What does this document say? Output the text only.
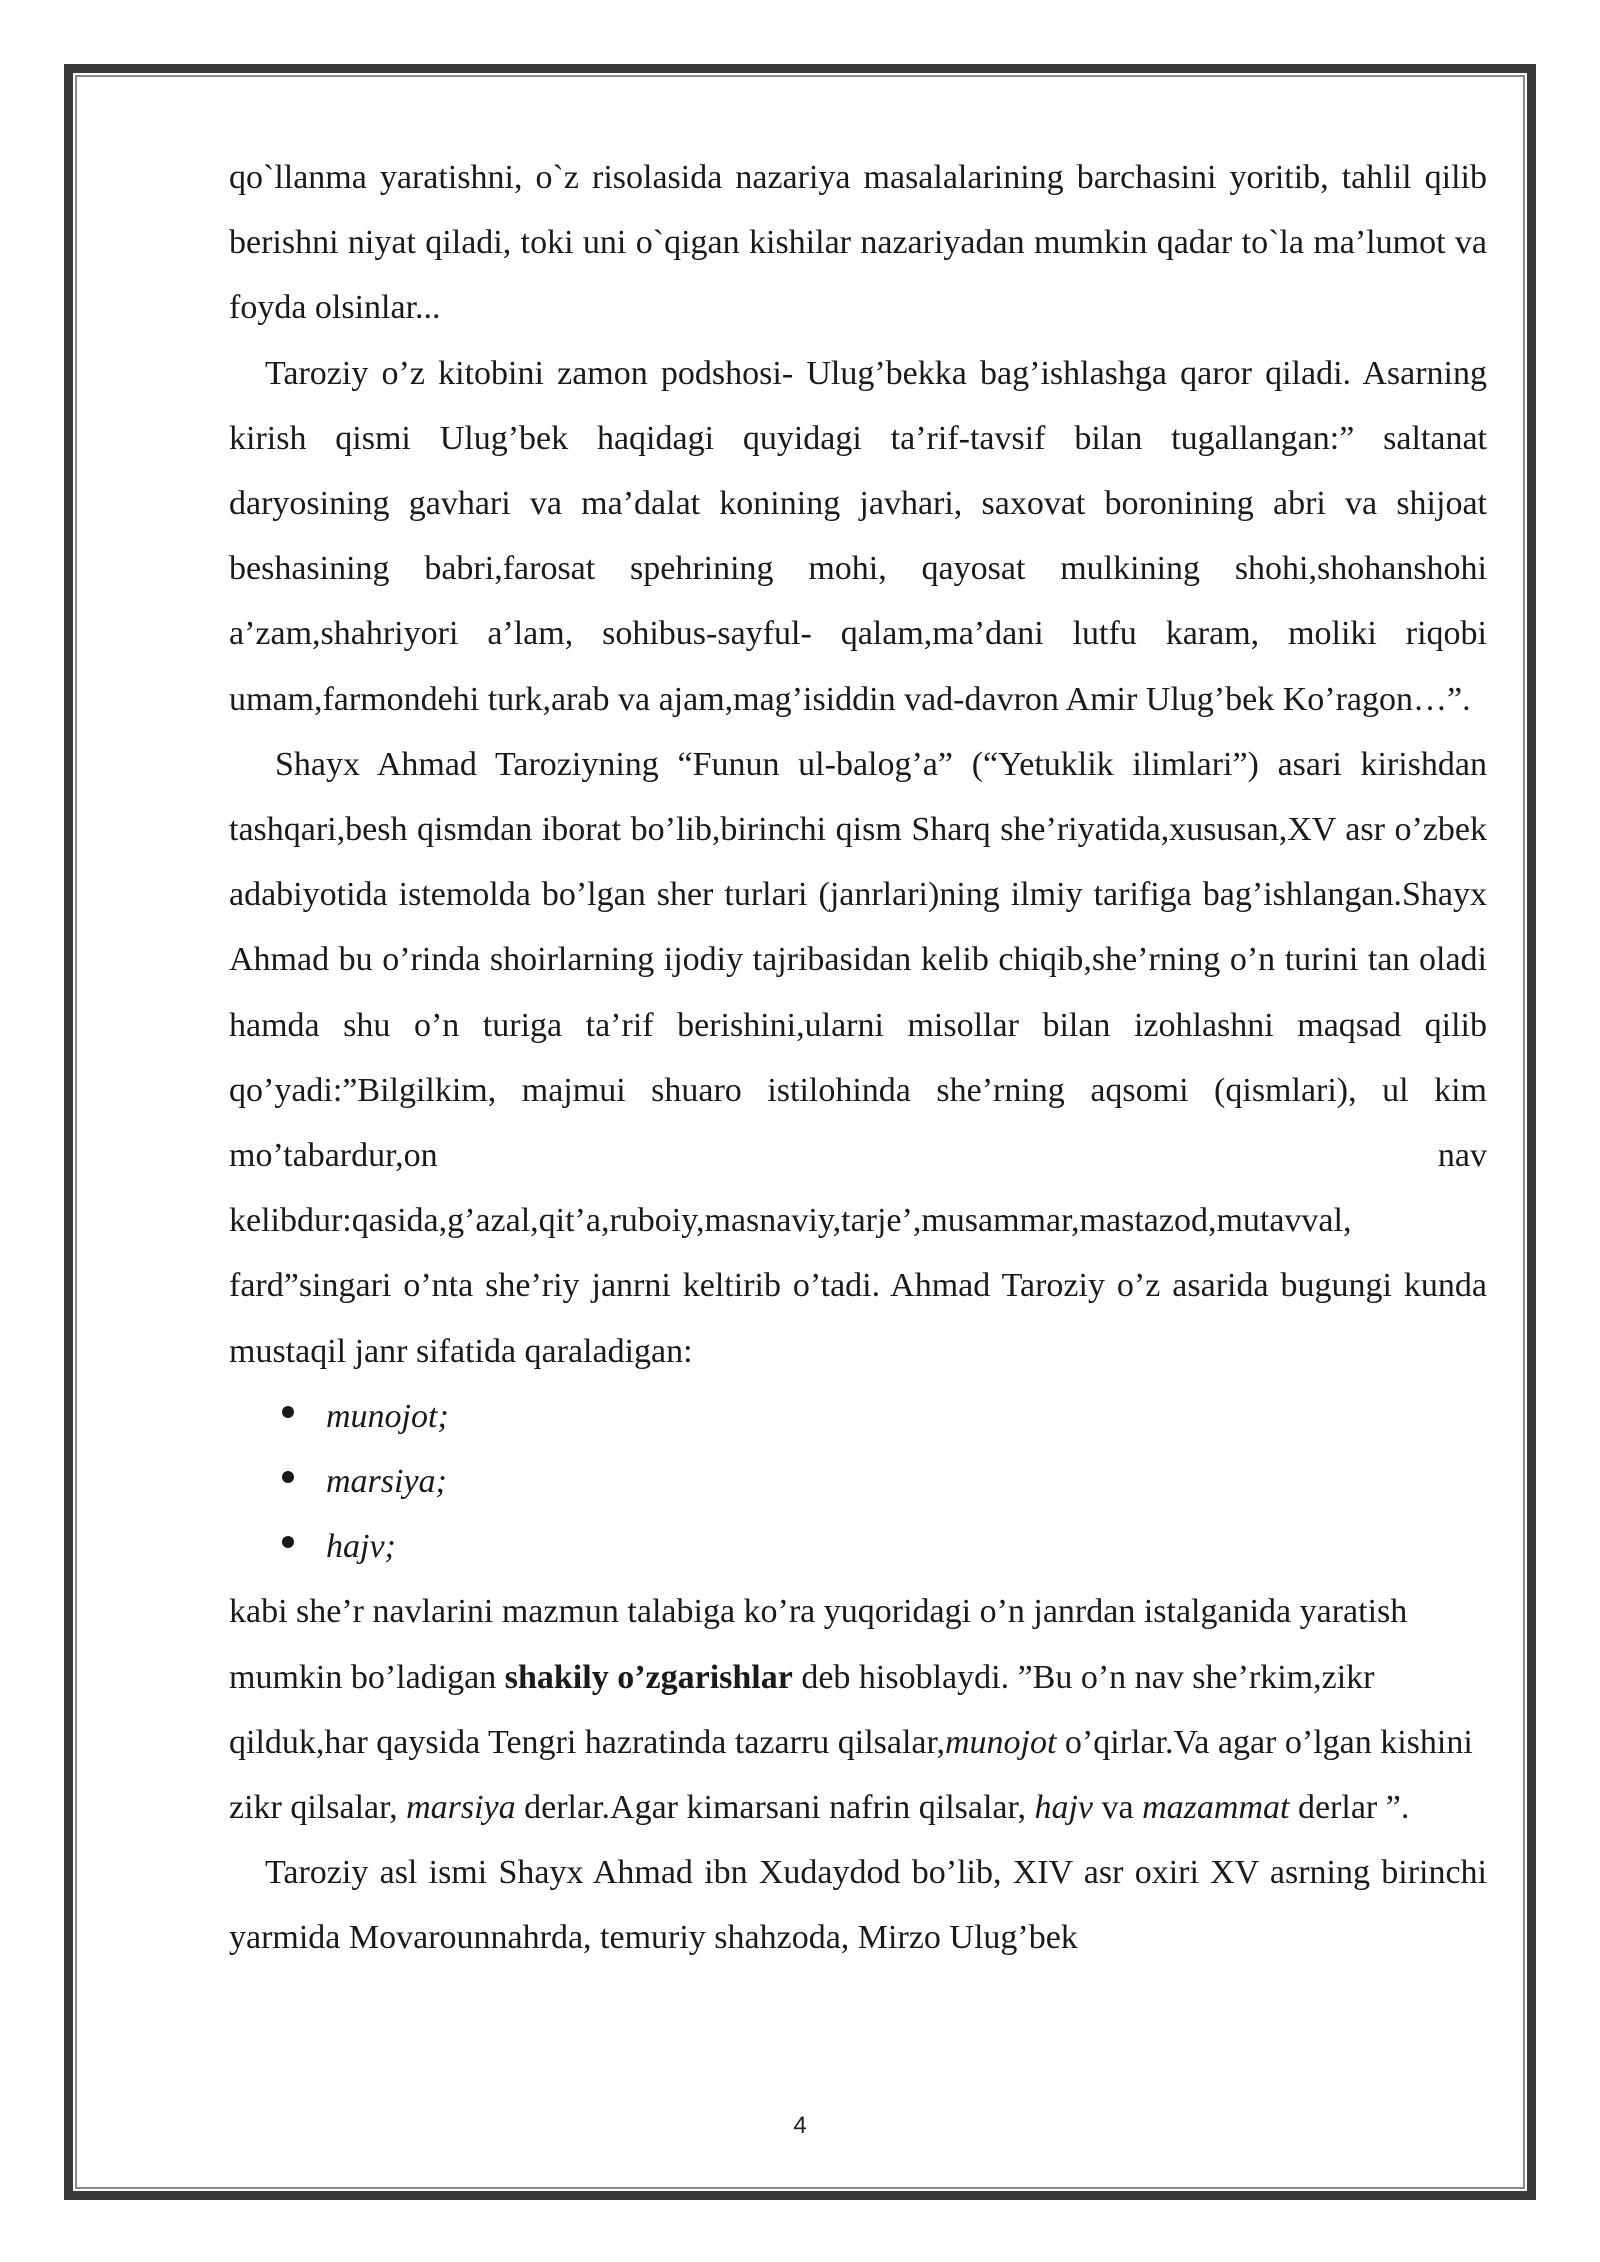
qo`llanma yaratishni, o`z risolasida nazariya masalalarining barchasini yoritib, tahlil qilib berishni niyat qiladi, toki uni o`qigan kishilar nazariyadan mumkin qadar to`la ma’lumot va foyda olsinlar...

Taroziy o’z kitobini zamon podshosi- Ulug’bekka bag’ishlashga qaror qiladi. Asarning kirish qismi Ulug’bek haqidagi quyidagi ta’rif-tavsif bilan tugallangan:” saltanat daryosining gavhari va ma’dalat konining javhari, saxovat boronining abri va shijoat beshasining babri,farosat spehrining mohi, qayosat mulkining shohi,shohanshohi a’zam,shahriyori a’lam, sohibus-sayful- qalam,ma’dani lutfu karam, moliki riqobi umam,farmondehi turk,arab va ajam,mag’isiddin vad-davron Amir Ulug’bek Ko’ragon…”.

Shayx Ahmad Taroziyning “Funun ul-balog’a” (“Yetuklik ilimlari”) asari kirishdan tashqari,besh qismdan iborat bo’lib,birinchi qism Sharq she’riyatida,xususan,XV asr o’zbek adabiyotida istemolda bo’lgan sher turlari (janrlari)ning ilmiy tarifiga bag’ishlangan.Shayx Ahmad bu o’rinda shoirlarning ijodiy tajribasidan kelib chiqib,she’rning o’n turini tan oladi hamda shu o’n turiga ta’rif berishini,ularni misollar bilan izohlashni maqsad qilib qo’yadi:”Bilgilkim, majmui shuaro istilohinda she’rning aqsomi (qismlari), ul kim mo’tabardur,on nav kelibdur:qasida,g’azal,qit’a,ruboiy,masnaviy,tarje’,musammar,mastazod,mutavval, fard”singari o’nta she’riy janrni keltirib o’tadi. Ahmad Taroziy o’z asarida bugungi kunda mustaqil janr sifatida qaraladigan:

munojot;
marsiya;
hajv;

kabi she’r navlarini mazmun talabiga ko’ra yuqoridagi o’n janrdan istalganida yaratish mumkin bo’ladigan shakily o’zgarishlar deb hisoblaydi. ”Bu o’n nav she’rkim,zikr qilduk,har qaysida Tengri hazratinda tazarru qilsalar,munojot o’qirlar.Va agar o’lgan kishini zikr qilsalar, marsiya derlar.Agar kimarsani nafrin qilsalar, hajv va mazammat derlar ”.

Taroziy asl ismi Shayx Ahmad ibn Xudaydod bo’lib, XIV asr oxiri XV asrning birinchi yarmida Movarounnahrda, temuriy shahzoda, Mirzo Ulug’bek

4
